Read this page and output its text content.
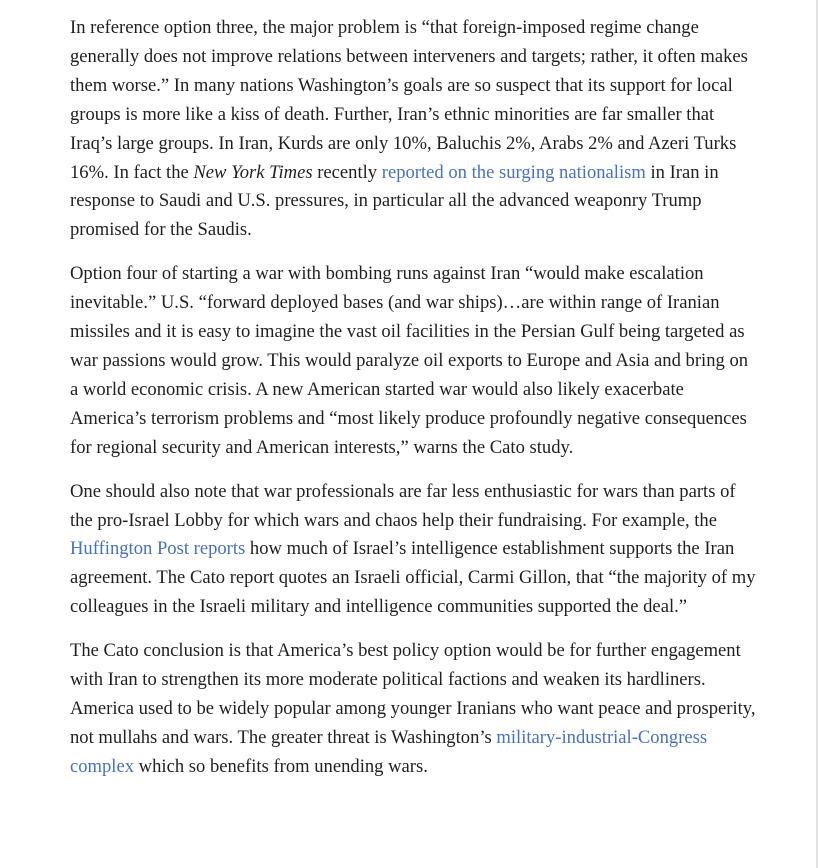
In reference option three, the major problem is “that foreign-imposed regime change generally does not improve relations between interveners and targets; rather, it often makes them worse.” In many nations Washington’s goals are so suspect that its support for local groups is more like a kiss of death. Further, Iran’s ethnic minorities are far smaller that Iraq’s large groups. In Iran, Kurds are only 10%, Baluchis 2%, Arabs 2% and Azeri Turks 16%. In fact the New York Times recently reported on the surging nationalism in Iran in response to Saudi and U.S. pressures, in particular all the advanced weaponry Trump promised for the Saudis.

Option four of starting a war with bombing runs against Iran “would make escalation inevitable.” U.S. “forward deployed bases (and war ships)…are within range of Iranian missiles and it is easy to imagine the vast oil facilities in the Persian Gulf being targeted as war passions would grow. This would paralyze oil exports to Europe and Asia and bring on a world economic crisis. A new American started war would also likely exacerbate America’s terrorism problems and “most likely produce profoundly negative consequences for regional security and American interests,” warns the Cato study.

One should also note that war professionals are far less enthusiastic for wars than parts of the pro-Israel Lobby for which wars and chaos help their fundraising. For example, the Huffington Post reports how much of Israel’s intelligence establishment supports the Iran agreement. The Cato report quotes an Israeli official, Carmi Gillon, that “the majority of my colleagues in the Israeli military and intelligence communities supported the deal.”

The Cato conclusion is that America’s best policy option would be for further engagement with Iran to strengthen its more moderate political factions and weaken its hardliners. America used to be widely popular among younger Iranians who want peace and prosperity, not mullahs and wars. The greater threat is Washington’s military-industrial-Congress complex which so benefits from unending wars.
